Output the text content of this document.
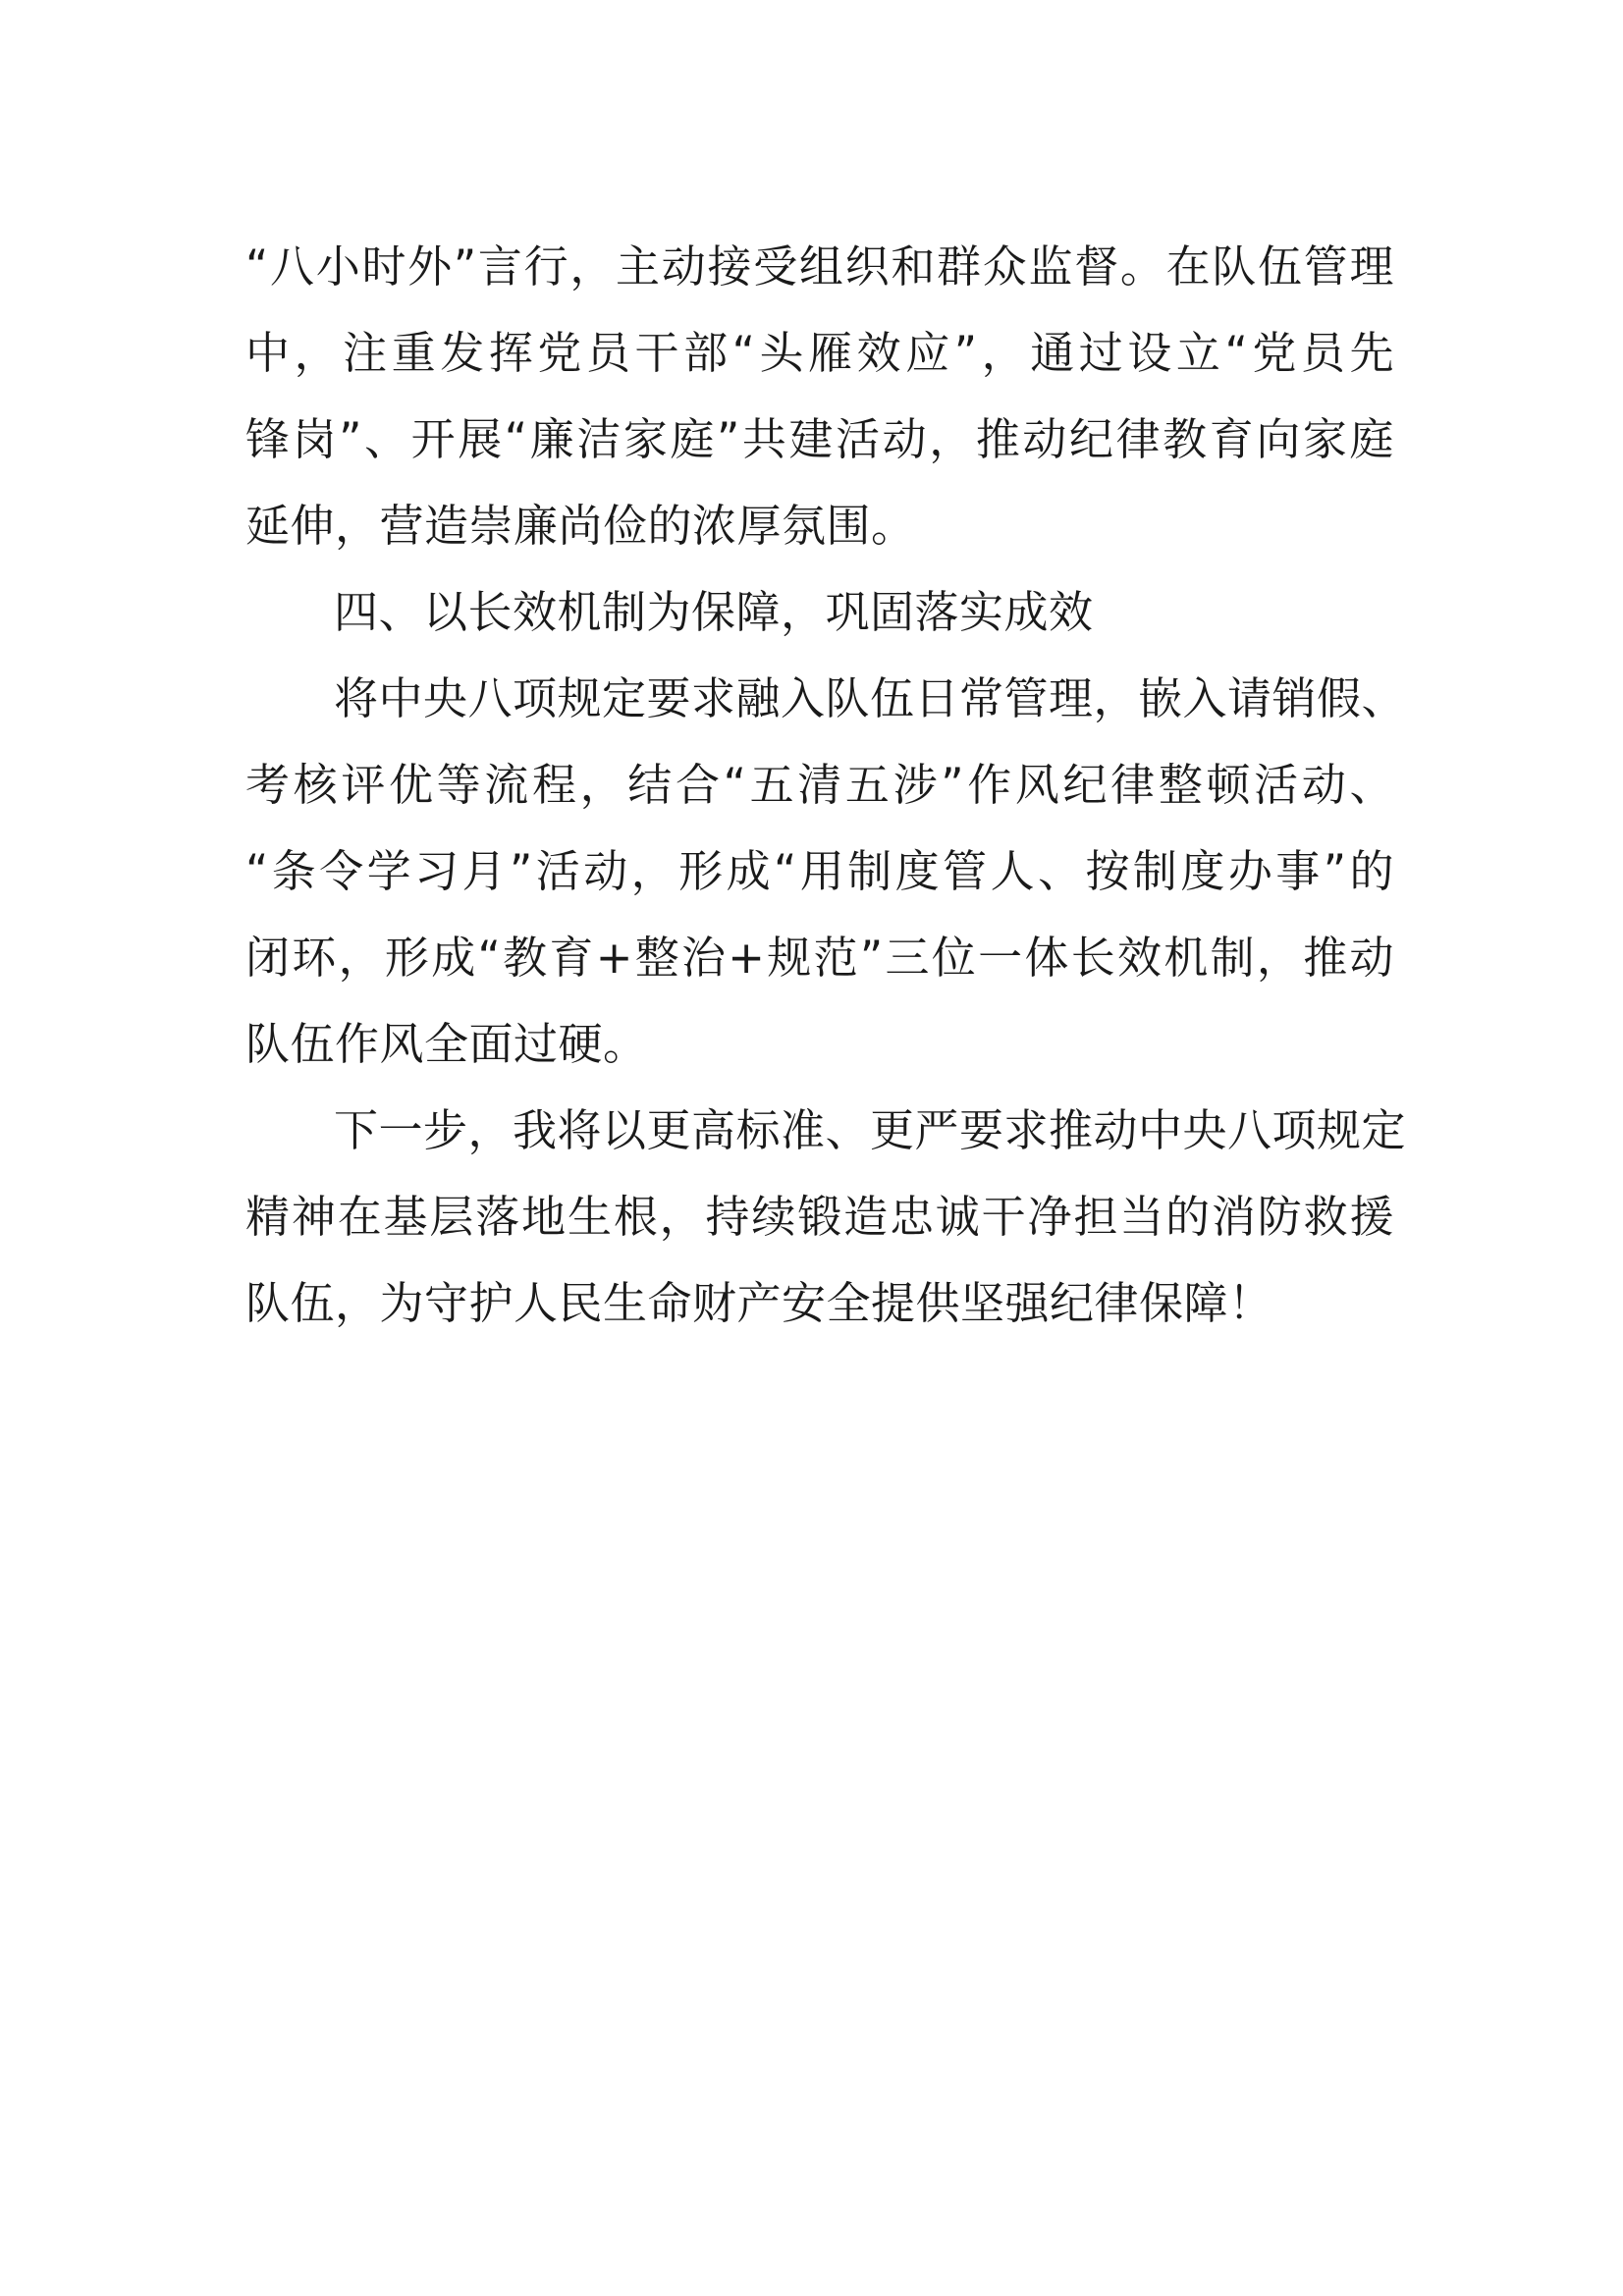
“八小时外”言行，主动接受组织和群众监督。在队伍管理
中，注重发挥党员干部“头雁效应”，通过设立“党员先
锋岗”、开展“廉洁家庭”共建活动，推动纪律教育向家庭
延伸，营造崇廉尚俭的浓厚氛围。
四、以长效机制为保障，巩固落实成效
将中央八项规定要求融入队伍日常管理，嵌入请销假、
考核评优等流程，结合“五清五涉”作风纪律整顿活动、
“条令学习月”活动，形成“用制度管人、按制度办事”的
闭环，形成“教育+整治+规范”三位一体长效机制，推动
队伍作风全面过硬。
下一步，我将以更高标准、更严要求推动中央八项规定
精神在基层落地生根，持续锻造忠诚干净担当的消防救援
队伍，为守护人民生命财产安全提供坚强纪律保障！
